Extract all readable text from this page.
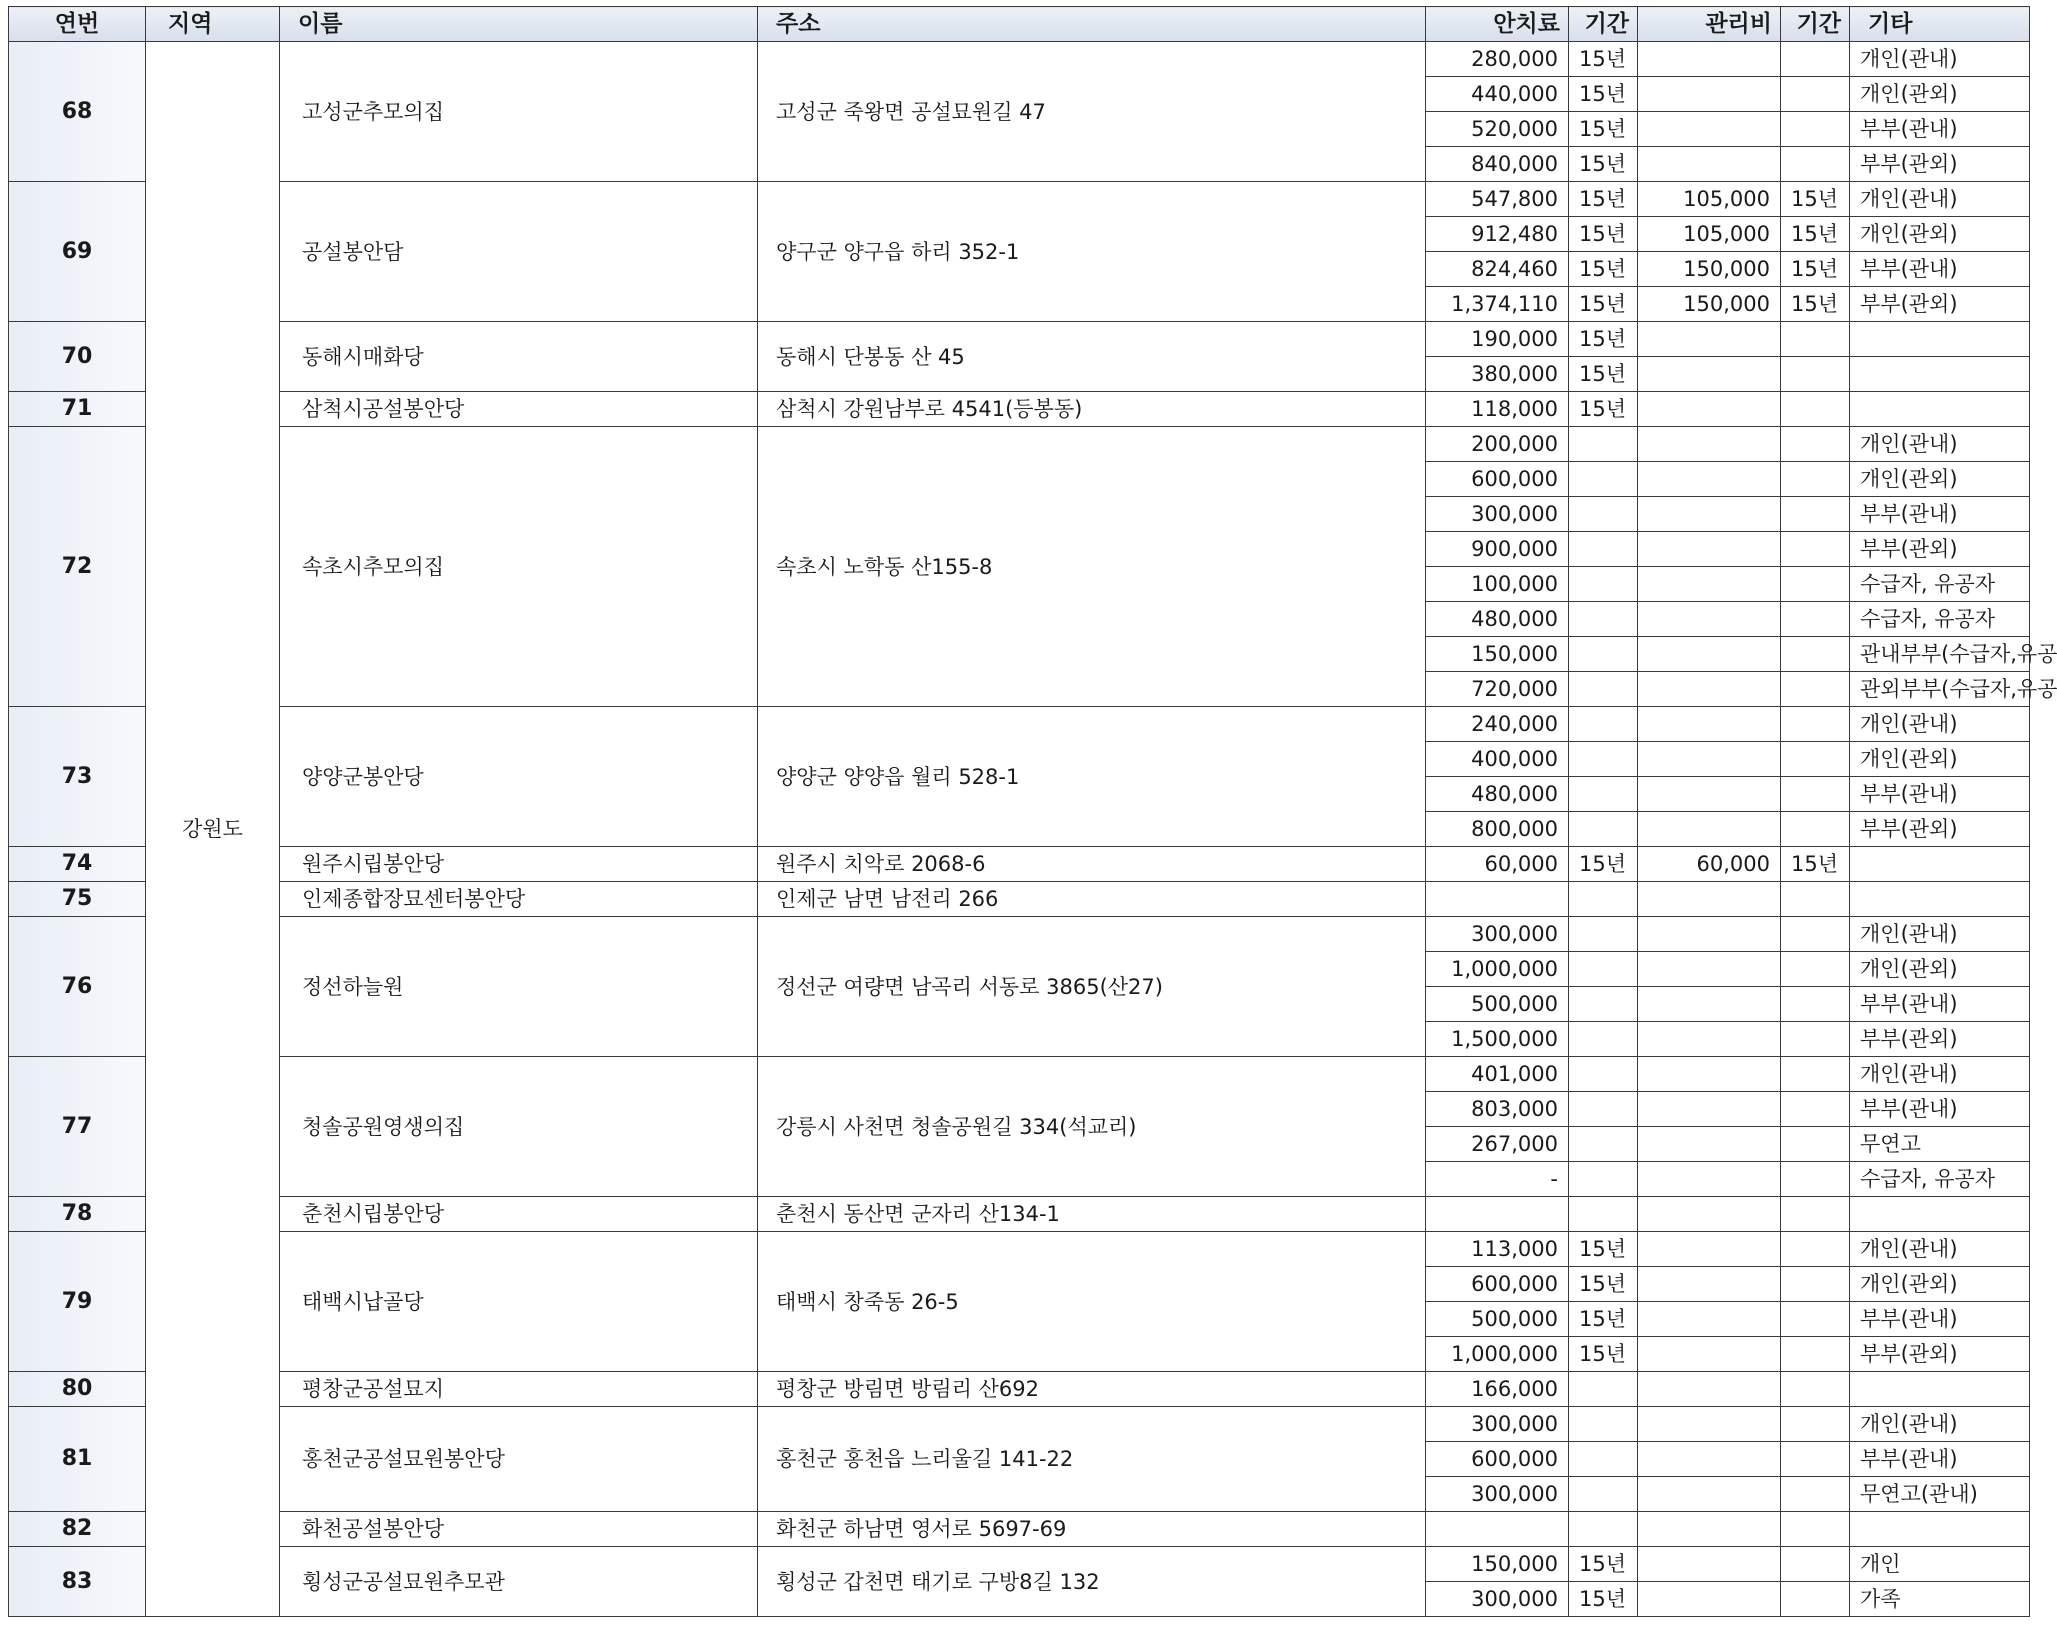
연번	지역	이름	주소	안치료	기간	관리비	기간	기타
68	강원도	고성군추모의집	고성군 죽왕면 공설묘원길 47	280,000	15년			개인(관내)
				440,000	15년			개인(관외)
				520,000	15년			부부(관내)
				840,000	15년			부부(관외)
69		공설봉안담	양구군 양구읍 하리 352-1	547,800	15년	105,000	15년	개인(관내)
				912,480	15년	105,000	15년	개인(관외)
				824,460	15년	150,000	15년	부부(관내)
				1,374,110	15년	150,000	15년	부부(관외)
70		동해시매화당	동해시 단봉동 산 45	190,000	15년			
				380,000	15년			
71		삼척시공설봉안당	삼척시 강원남부로 4541(등봉동)	118,000	15년			
72		속초시추모의집	속초시 노학동 산155-8	200,000				개인(관내)
				600,000				개인(관외)
				300,000				부부(관내)
				900,000				부부(관외)
				100,000				수급자, 유공자
				480,000				수급자, 유공자
				150,000				관내부부(수급자,유공
				720,000				관외부부(수급자,유공
73		양양군봉안당	양양군 양양읍 월리 528-1	240,000				개인(관내)
				400,000				개인(관외)
				480,000				부부(관내)
				800,000				부부(관외)
74		원주시립봉안당	원주시 치악로 2068-6	60,000	15년	60,000	15년	
75		인제종합장묘센터봉안당	인제군 남면 남전리 266					
76		정선하늘원	정선군 여량면 남곡리 서동로 3865(산27)	300,000				개인(관내)
				1,000,000				개인(관외)
				500,000				부부(관내)
				1,500,000				부부(관외)
77		청솔공원영생의집	강릉시 사천면 청솔공원길 334(석교리)	401,000				개인(관내)
				803,000				부부(관내)
				267,000				무연고
				-				수급자, 유공자
78		춘천시립봉안당	춘천시 동산면 군자리 산134-1					
79		태백시납골당	태백시 창죽동 26-5	113,000	15년			개인(관내)
				600,000	15년			개인(관외)
				500,000	15년			부부(관내)
				1,000,000	15년			부부(관외)
80		평창군공설묘지	평창군 방림면 방림리 산692	166,000				
81		홍천군공설묘원봉안당	홍천군 홍천읍 느리울길 141-22	300,000				개인(관내)
				600,000				부부(관내)
				300,000				무연고(관내)
82		화천공설봉안당	화천군 하남면 영서로 5697-69					
83		횡성군공설묘원추모관	횡성군 갑천면 태기로 구방8길 132	150,000	15년			개인
				300,000	15년			가족
